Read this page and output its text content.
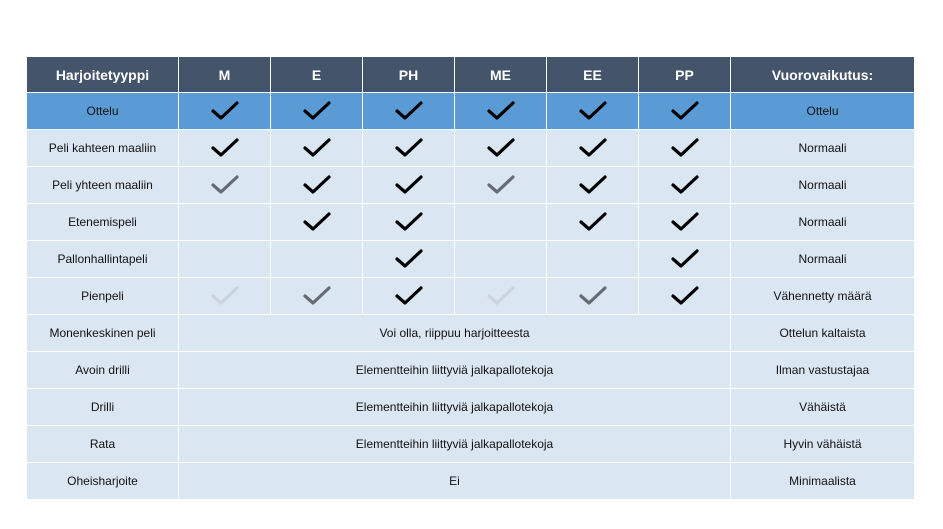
Harjoitetyyppi	M	E	PH	ME	EE	PP	Vuorovaikutus:
Ottelu							Ottelu
Peli kahteen maaliin							Normaali
Peli yhteen maaliin							Normaali
Etenemispeli							Normaali
Pallonhallintapeli							Normaali
Pienpeli							Vähennetty määrä
Monenkeskinen peli	Voi olla, riippuu harjoitteesta						Ottelun kaltaista
Avoin drilli	Elementteihin liittyviä jalkapallotekoja						Ilman vastustajaa
Drilli	Elementteihin liittyviä jalkapallotekoja						Vähäistä
Rata	Elementteihin liittyviä jalkapallotekoja						Hyvin vähäistä
Oheisharjoite	Ei						Minimaalista
